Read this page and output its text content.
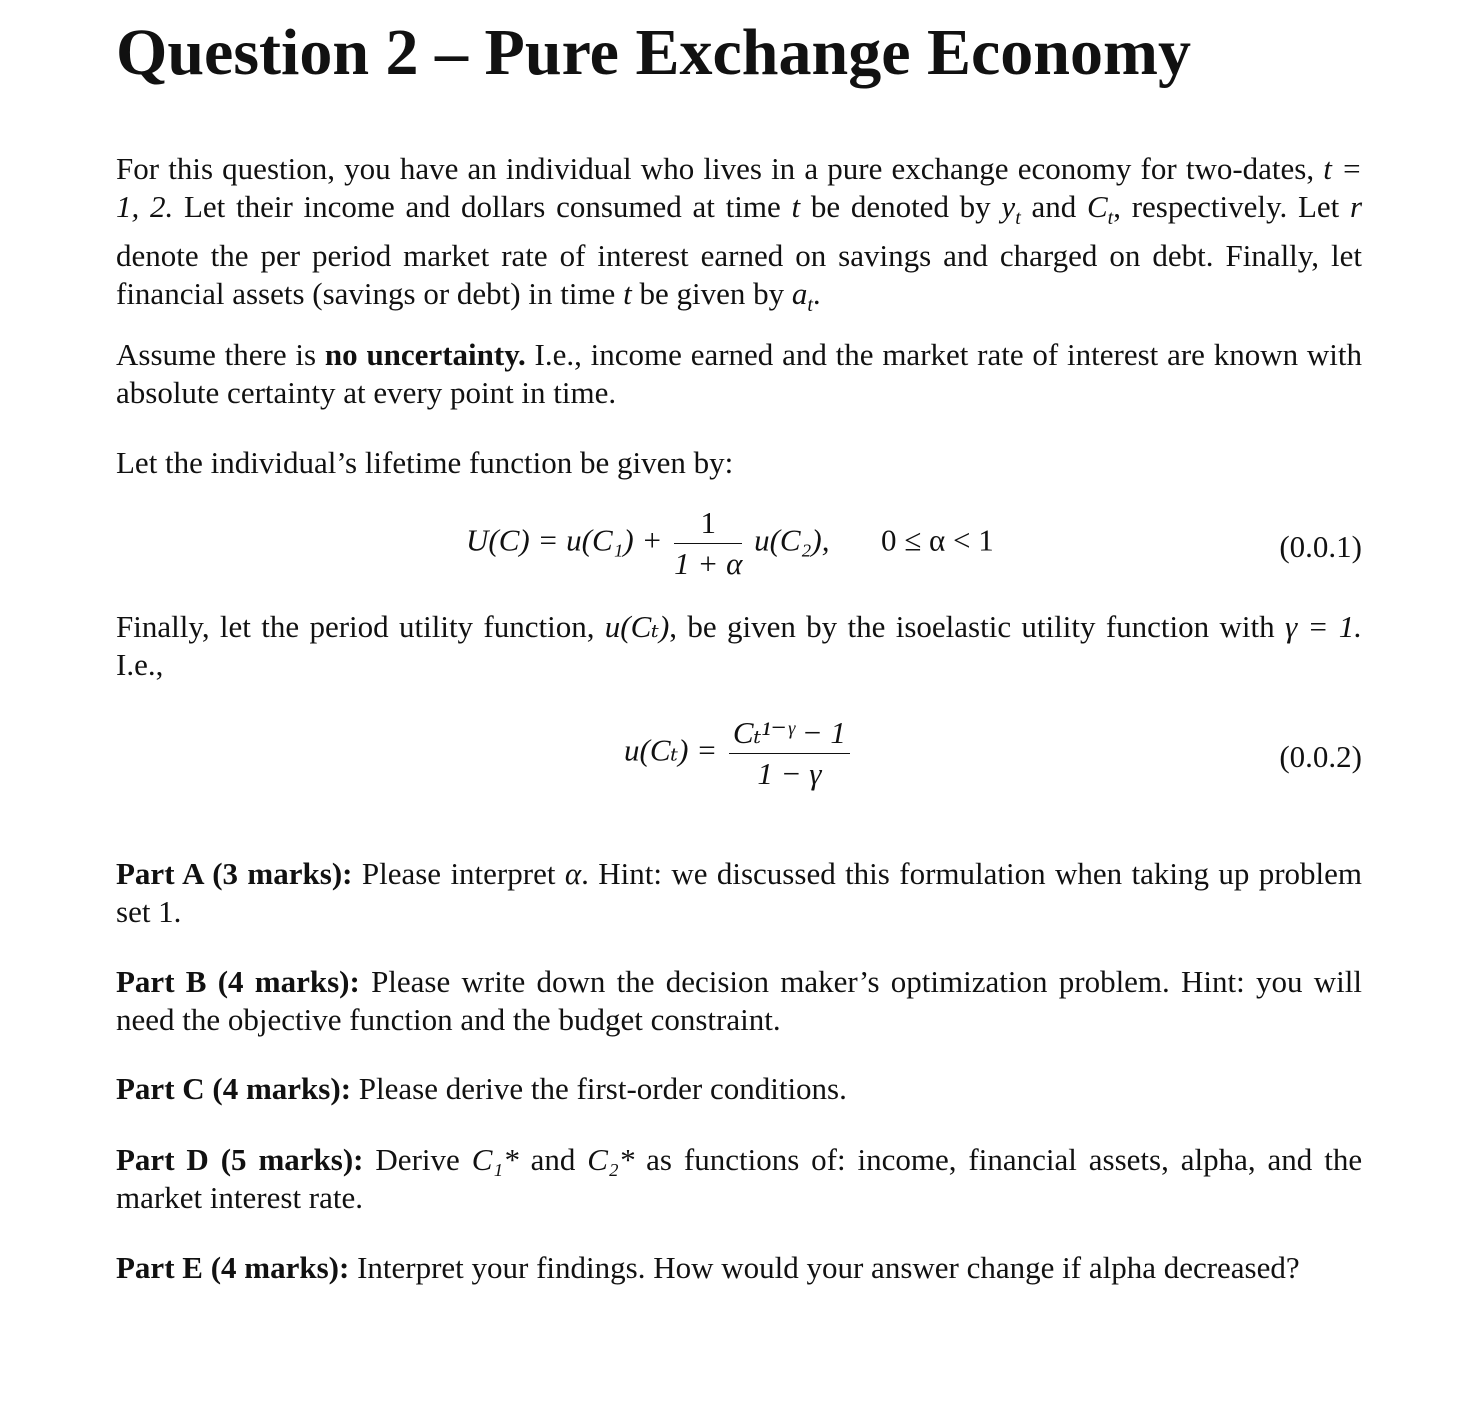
Question 2 – Pure Exchange Economy

For this question, you have an individual who lives in a pure exchange economy for two-dates, t = 1, 2. Let their income and dollars consumed at time t be denoted by $y_t$ and $C_t$, respectively. Let r denote the per period market rate of interest earned on savings and charged on debt. Finally, let financial assets (savings or debt) in time t be given by $a_t$.

Assume there is no uncertainty. I.e., income earned and the market rate of interest are known with absolute certainty at every point in time.

Let the individual’s lifetime function be given by:

$U(C) = u(C_1) + \frac{1}{1 + \alpha} u(C_2)$, 0 ≤ α < 1	(0.0.1)

Finally, let the period utility function, u(Cₜ), be given by the isoelastic utility function with γ = 1. I.e.,

$u(C_t) = \frac{\text{Cₜ¹⁻ᵞ − 1}}{1 - \gamma}$	(0.0.2)

Part A (3 marks): Please interpret α. Hint: we discussed this formulation when taking up problem set 1.

Part B (4 marks): Please write down the decision maker’s optimization problem. Hint: you will need the objective function and the budget constraint.

Part C (4 marks): Please derive the first-order conditions.

Part D (5 marks): Derive C₁* and C₂* as functions of: income, financial assets, alpha, and the market interest rate.

Part E (4 marks): Interpret your findings. How would your answer change if alpha decreased?
